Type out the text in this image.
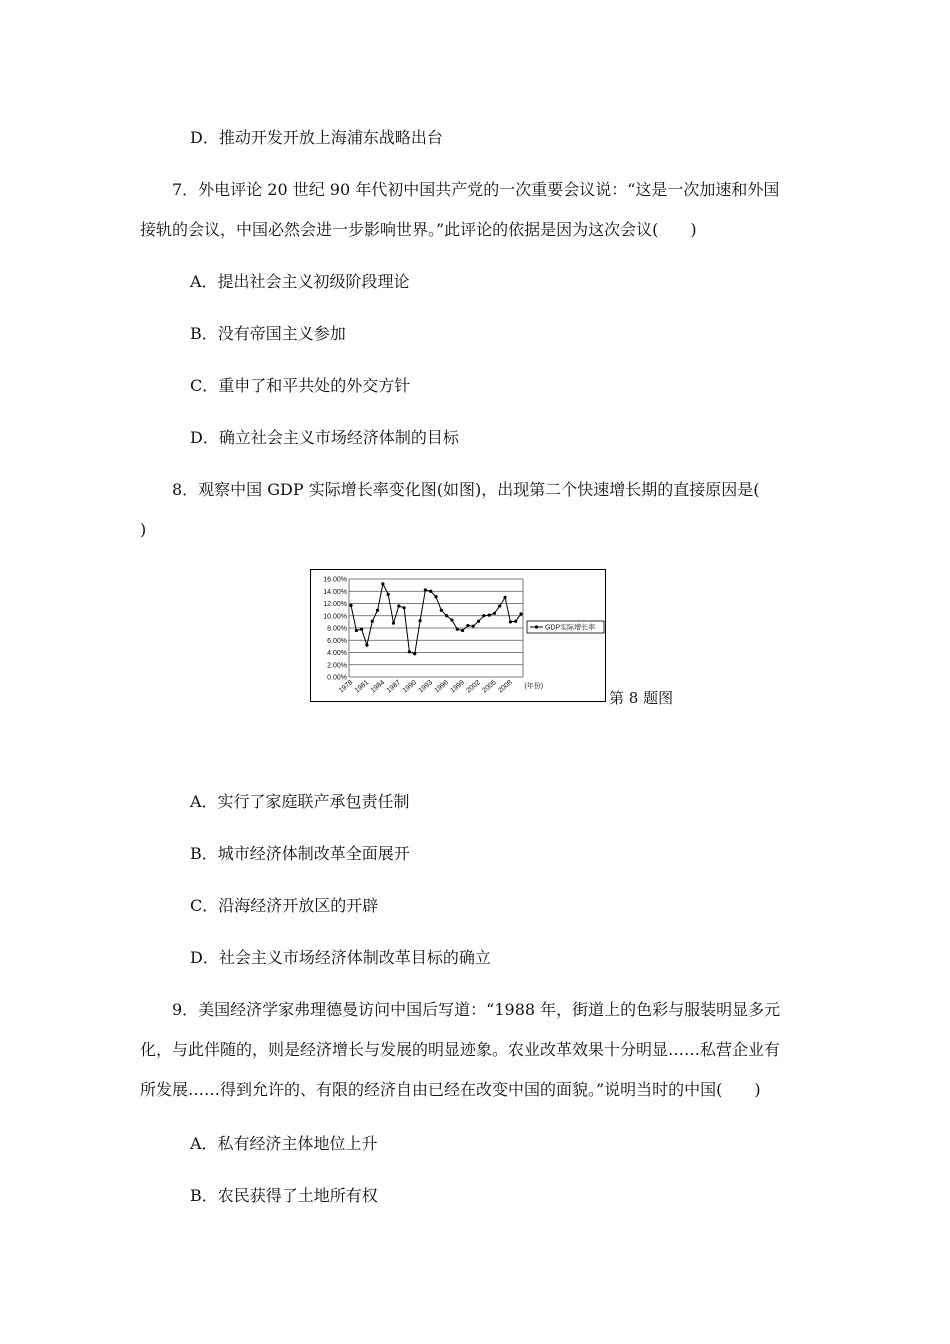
D．推动开发开放上海浦东战略出台
7．外电评论 20 世纪 90 年代初中国共产党的一次重要会议说：“这是一次加速和外国
接轨的会议，中国必然会进一步影响世界。”此评论的依据是因为这次会议(　　)
A．提出社会主义初级阶段理论
B．没有帝国主义参加
C．重申了和平共处的外交方针
D．确立社会主义市场经济体制的目标
8．观察中国 GDP 实际增长率变化图(如图)，出现第二个快速增长期的直接原因是(
)
16.00%
14.00%
12.00%
10.00%
8.00%
6.00%
4.00%
2.00%
0.00%
1978 1981 1984 1987 1990 1993 1996 1999 2002 2005 2008 (年份)
GDP实际增长率
第 8 题图
A．实行了家庭联产承包责任制
B．城市经济体制改革全面展开
C．沿海经济开放区的开辟
D．社会主义市场经济体制改革目标的确立
9．美国经济学家弗理德曼访问中国后写道：“1988 年，街道上的色彩与服装明显多元
化，与此伴随的，则是经济增长与发展的明显迹象。农业改革效果十分明显……私营企业有
所发展……得到允许的、有限的经济自由已经在改变中国的面貌。”说明当时的中国(　　)
A．私有经济主体地位上升
B．农民获得了土地所有权
